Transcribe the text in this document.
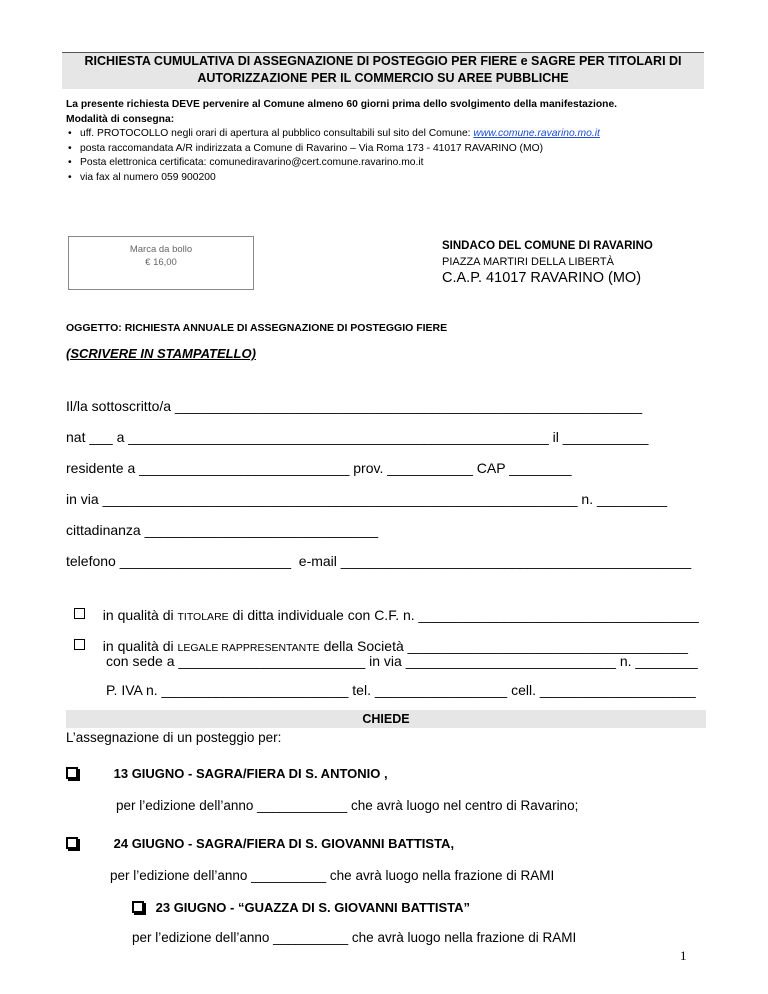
RICHIESTA CUMULATIVA DI ASSEGNAZIONE DI POSTEGGIO PER FIERE e SAGRE PER TITOLARI DI
AUTORIZZAZIONE PER IL COMMERCIO SU AREE PUBBLICHE
La presente richiesta DEVE pervenire al Comune almeno 60 giorni prima dello svolgimento della manifestazione.
Modalità di consegna:
• uff. PROTOCOLLO negli orari di apertura al pubblico consultabili sul sito del Comune: www.comune.ravarino.mo.it
• posta raccomandata A/R indirizzata a Comune di Ravarino – Via Roma 173 - 41017 RAVARINO (MO)
• Posta elettronica certificata: comunediravarino@cert.comune.ravarino.mo.it
• via fax al numero 059 900200
Marca da bollo
€ 16,00
SINDACO DEL COMUNE DI RAVARINO
PIAZZA MARTIRI DELLA LIBERTÀ
C.A.P. 41017 RAVARINO (MO)
OGGETTO: RICHIESTA ANNUALE DI ASSEGNAZIONE DI POSTEGGIO FIERE
(SCRIVERE IN STAMPATELLO)
Il/la sottoscritto/a ____________________________________________________________
nat ___ a ______________________________________________________ il ___________
residente a ___________________________ prov. ___________ CAP ________
in via _____________________________________________________________ n. _________
cittadinanza ______________________________
telefono ______________________  e-mail _____________________________________________

in qualità di TITOLARE di ditta individuale con C.F. n. ____________________________________

in qualità di LEGALE RAPPRESENTANTE della Società ____________________________________

con sede a ________________________ in via ___________________________ n. ________
P. IVA n. ________________________ tel. _________________ cell. ____________________
CHIEDE
L’assegnazione di un posteggio per:
13 GIUGNO - SAGRA/FIERA DI S. ANTONIO ,
per l’edizione dell’anno ____________ che avrà luogo nel centro di Ravarino;
24 GIUGNO - SAGRA/FIERA DI S. GIOVANNI BATTISTA,
per l’edizione dell’anno __________ che avrà luogo nella frazione di RAMI
23 GIUGNO - “GUAZZA DI S. GIOVANNI BATTISTA”
per l’edizione dell’anno __________ che avrà luogo nella frazione di RAMI
1
